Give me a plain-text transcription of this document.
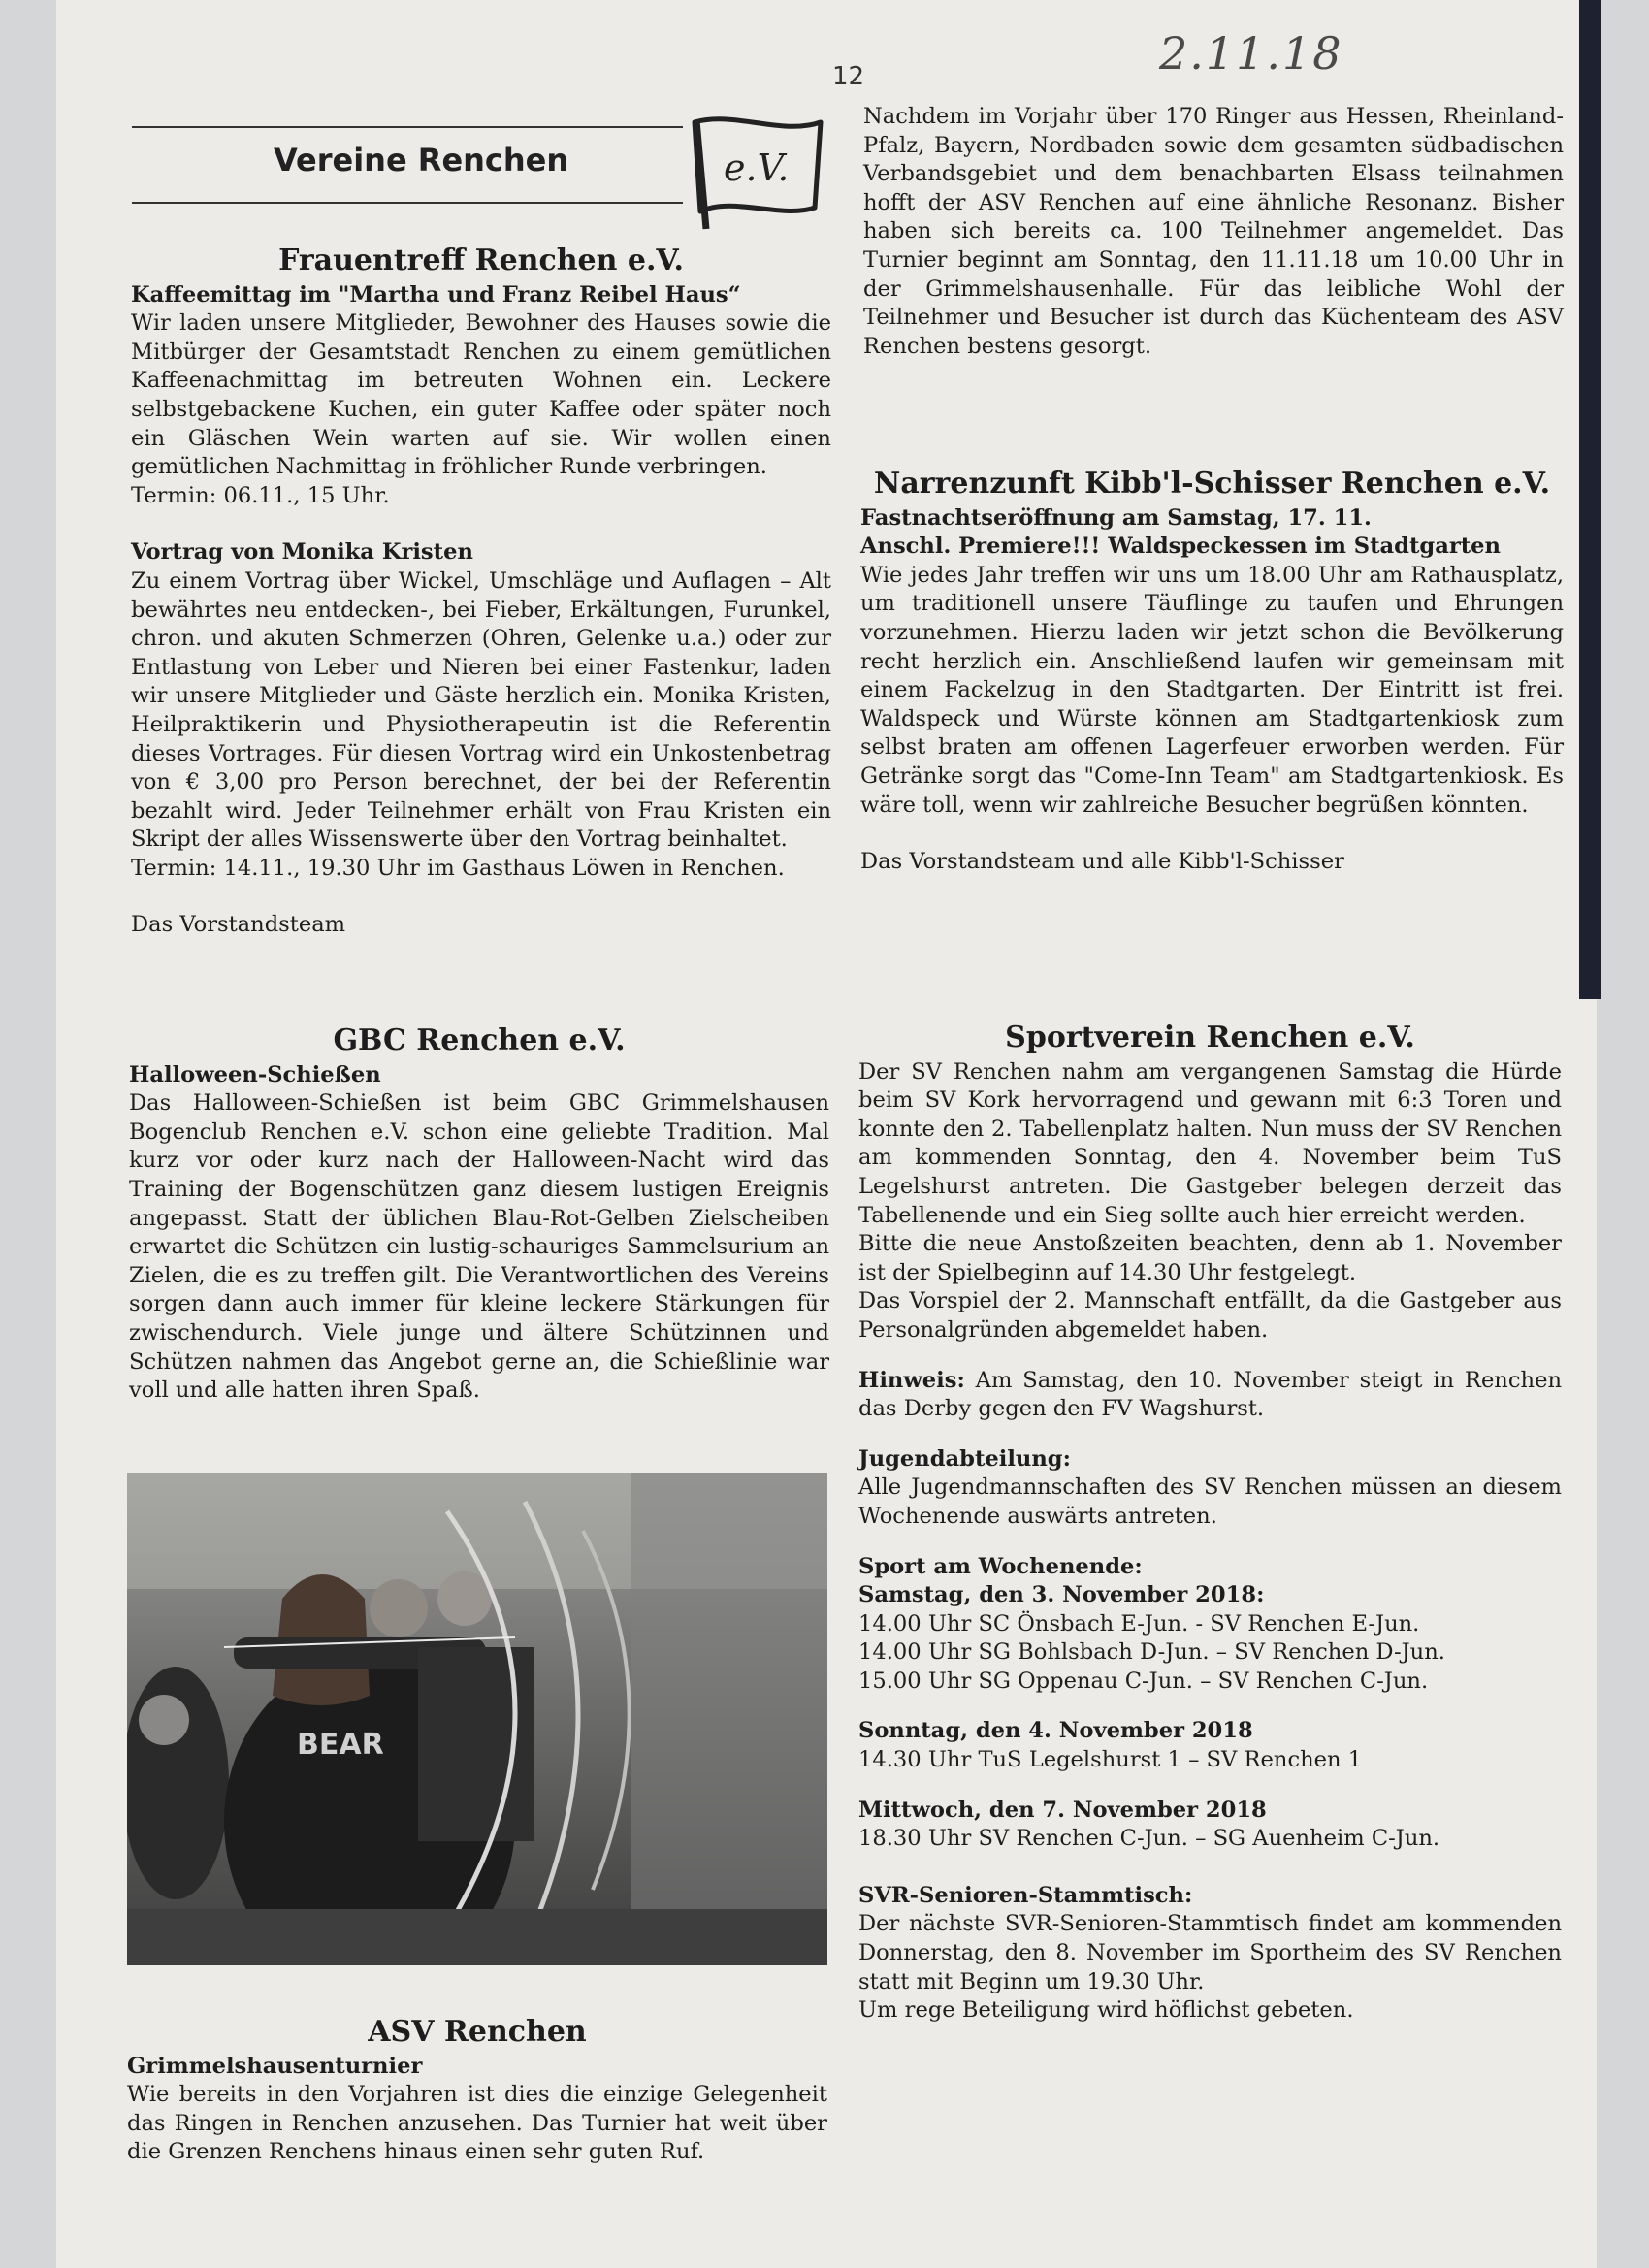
12	2.11.18
Vereine Renchen	e.V.
Frauentreff Renchen e.V.

Kaffeemittag im "Martha und Franz Reibel Haus“

Wir laden unsere Mitglieder, Bewohner des Hauses sowie die Mitbürger der Gesamtstadt Renchen zu einem gemütlichen Kaffeenachmittag im betreuten Wohnen ein. Leckere selbstgebackene Kuchen, ein guter Kaffee oder später noch ein Gläschen Wein warten auf sie. Wir wollen einen gemütlichen Nachmittag in fröhlicher Runde verbringen.

Termin: 06.11., 15 Uhr.

Vortrag von Monika Kristen

Zu einem Vortrag über Wickel, Umschläge und Auflagen – Alt bewährtes neu entdecken-, bei Fieber, Erkältungen, Furunkel, chron. und akuten Schmerzen (Ohren, Gelenke u.a.) oder zur Entlastung von Leber und Nieren bei einer Fastenkur, laden wir unsere Mitglieder und Gäste herzlich ein. Monika Kristen, Heilpraktikerin und Physiotherapeutin ist die Referentin dieses Vortrages. Für diesen Vortrag wird ein Unkostenbetrag von € 3,00 pro Person berechnet, der bei der Referentin bezahlt wird. Jeder Teilnehmer erhält von Frau Kristen ein Skript der alles Wissenswerte über den Vortrag beinhaltet.

Termin: 14.11., 19.30 Uhr im Gasthaus Löwen in Renchen.

Das Vorstandsteam

GBC Renchen e.V.

Halloween-Schießen

Das Halloween-Schießen ist beim GBC Grimmelshausen Bogenclub Renchen e.V. schon eine geliebte Tradition. Mal kurz vor oder kurz nach der Halloween-Nacht wird das Training der Bogenschützen ganz diesem lustigen Ereignis angepasst. Statt der üblichen Blau-Rot-Gelben Zielscheiben erwartet die Schützen ein lustig-schauriges Sammelsurium an Zielen, die es zu treffen gilt. Die Verantwortlichen des Vereins sorgen dann auch immer für kleine leckere Stärkungen für zwischendurch. Viele junge und ältere Schützinnen und Schützen nahmen das Angebot gerne an, die Schießlinie war voll und alle hatten ihren Spaß.

BEAR
ASV Renchen

Grimmelshausenturnier

Wie bereits in den Vorjahren ist dies die einzige Gelegenheit das Ringen in Renchen anzusehen. Das Turnier hat weit über die Grenzen Renchens hinaus einen sehr guten Ruf.

Nachdem im Vorjahr über 170 Ringer aus Hessen, Rheinland-Pfalz, Bayern, Nordbaden sowie dem gesamten südbadischen Verbandsgebiet und dem benachbarten Elsass teilnahmen hofft der ASV Renchen auf eine ähnliche Resonanz. Bisher haben sich bereits ca. 100 Teilnehmer angemeldet. Das Turnier beginnt am Sonntag, den 11.11.18 um 10.00 Uhr in der Grimmelshausenhalle. Für das leibliche Wohl der Teilnehmer und Besucher ist durch das Küchenteam des ASV Renchen bestens gesorgt.

Narrenzunft Kibb'l-Schisser Renchen e.V.

Fastnachtseröffnung am Samstag, 17. 11.

Anschl. Premiere!!! Waldspeckessen im Stadtgarten

Wie jedes Jahr treffen wir uns um 18.00 Uhr am Rathausplatz, um traditionell unsere Täuflinge zu taufen und Ehrungen vorzunehmen. Hierzu laden wir jetzt schon die Bevölkerung recht herzlich ein. Anschließend laufen wir gemeinsam mit einem Fackelzug in den Stadtgarten. Der Eintritt ist frei. Waldspeck und Würste können am Stadtgartenkiosk zum selbst braten am offenen Lagerfeuer erworben werden. Für Getränke sorgt das "Come-Inn Team" am Stadtgartenkiosk. Es wäre toll, wenn wir zahlreiche Besucher begrüßen könnten.

Das Vorstandsteam und alle Kibb'l-Schisser

Sportverein Renchen e.V.

Der SV Renchen nahm am vergangenen Samstag die Hürde beim SV Kork hervorragend und gewann mit 6:3 Toren und konnte den 2. Tabellenplatz halten. Nun muss der SV Renchen am kommenden Sonntag, den 4. November beim TuS Legelshurst antreten. Die Gastgeber belegen derzeit das Tabellenende und ein Sieg sollte auch hier erreicht werden.

Bitte die neue Anstoßzeiten beachten, denn ab 1. November ist der Spielbeginn auf 14.30 Uhr festgelegt.

Das Vorspiel der 2. Mannschaft entfällt, da die Gastgeber aus Personalgründen abgemeldet haben.

Hinweis: Am Samstag, den 10. November steigt in Renchen das Derby gegen den FV Wagshurst.

Jugendabteilung:

Alle Jugendmannschaften des SV Renchen müssen an diesem Wochenende auswärts antreten.

Sport am Wochenende:

Samstag, den 3. November 2018:

14.00 Uhr SC Önsbach E-Jun. - SV Renchen E-Jun.

14.00 Uhr SG Bohlsbach D-Jun. – SV Renchen D-Jun.

15.00 Uhr SG Oppenau C-Jun. – SV Renchen C-Jun.

Sonntag, den 4. November 2018

14.30 Uhr TuS Legelshurst 1 – SV Renchen 1

Mittwoch, den 7. November 2018

18.30 Uhr SV Renchen C-Jun. – SG Auenheim C-Jun.

SVR-Senioren-Stammtisch:

Der nächste SVR-Senioren-Stammtisch findet am kommenden Donnerstag, den 8. November im Sportheim des SV Renchen statt mit Beginn um 19.30 Uhr.

Um rege Beteiligung wird höflichst gebeten.
